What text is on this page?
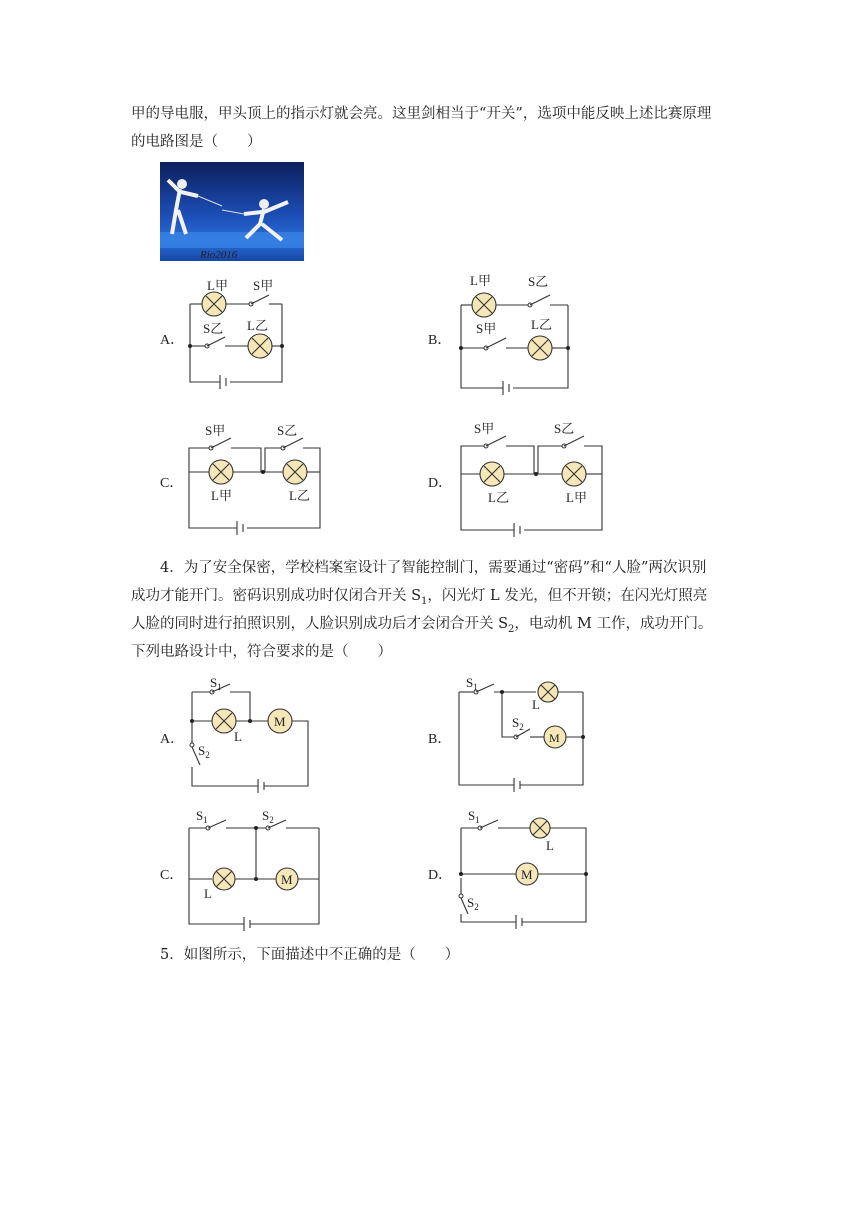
甲的导电服，甲头顶上的指示灯就会亮。这里剑相当于“开关”，选项中能反映上述比赛原理
的电路图是（　　）
Rio2016
A．
L甲 S甲
S乙 L乙
B．
L甲	S乙
S甲	L乙
C．
S甲	S乙
L甲	L乙
D．
S甲	S乙
L乙	L甲
4．为了安全保密，学校档案室设计了智能控制门，需要通过“密码”和“人脸”两次识别
成功才能开门。密码识别成功时仅闭合开关 $S_1$，闪光灯 L 发光，但不开锁；在闪光灯照亮
人脸的同时进行拍照识别，人脸识别成功后才会闭合开关 $S_2$，电动机 M 工作，成功开门。
下列电路设计中，符合要求的是（　　）
A．
M
$S_1$
$S_2$
L	B．	M
$S_1$
$S_2$
L
C．	M
$S_1$	$S_2$
L
D．	M
$S_1$
$S_2$
L
5．如图所示，下面描述中不正确的是（　　）
